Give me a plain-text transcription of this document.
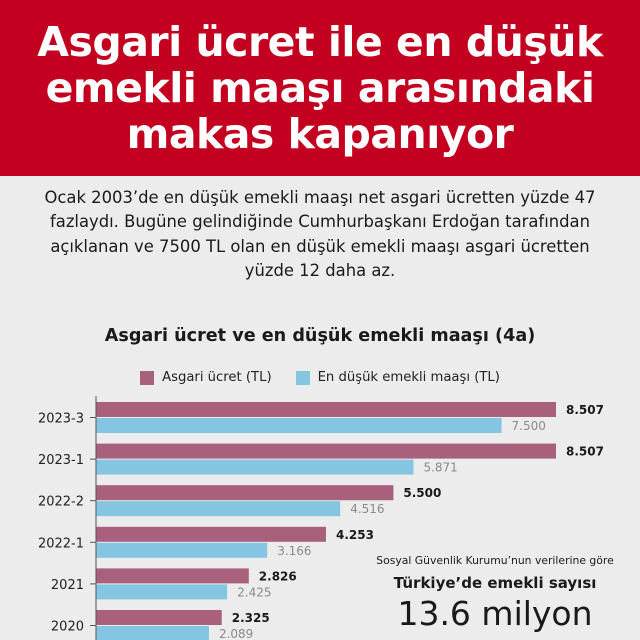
Asgari ücret ile en düşük emekli maaşı arasındaki makas kapanıyor

Ocak 2003’de en düşük emekli maaşı net asgari ücretten yüzde 47 fazlaydı. Bugüne gelindiğinde Cumhurbaşkanı Erdoğan tarafından açıklanan ve 7500 TL olan en düşük emekli maaşı asgari ücretten yüzde 12 daha az.

Asgari ücret ve en düşük emekli maaşı (4a)

Asgari ücret (TL)	En düşük emekli maaşı (TL)
2023-3
8.507
7.500
2023-1
8.507
5.871
2022-2
5.500
4.516
2022-1
4.253
3.166
2021
2.826
2.425
2020
2.325
2.089

Sosyal Güvenlik Kurumu’nun verilerine göre

Türkiye’de emekli sayısı

13.6 milyon
